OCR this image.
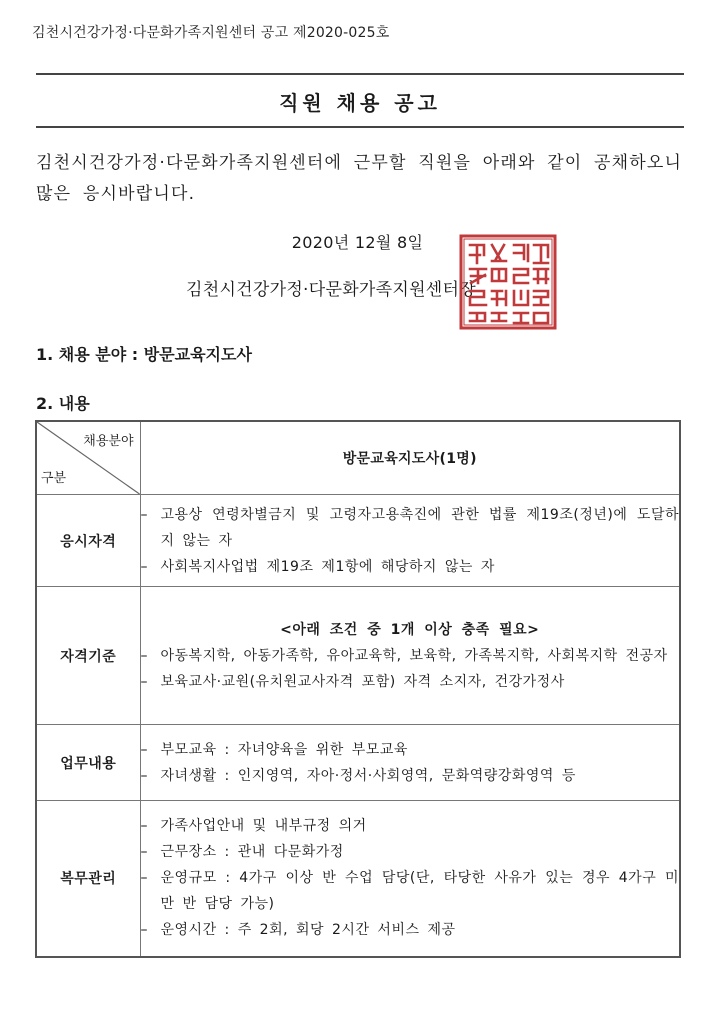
김천시건강가정·다문화가족지원센터 공고 제2020-025호
직원 채용 공고
김천시건강가정·다문화가족지원센터에 근무할 직원을 아래와 같이 공채하오니 많은 응시바랍니다.
2020년 12월 8일
김천시건강가정·다문화가족지원센터장
1. 채용 분야 : 방문교육지도사
2. 내용
채용분야
구분	방문교육지도사(1명)
응시자격	– 고용상 연령차별금지 및 고령자고용촉진에 관한 법률 제19조(정년)에 도달하지 않는 자
– 사회복지사업법 제19조 제1항에 해당하지 않는 자

자격기준	<아래 조건 중 1개 이상 충족 필요>
– 아동복지학, 아동가족학, 유아교육학, 보육학, 가족복지학, 사회복지학 전공자
– 보육교사·교원(유치원교사자격 포함) 자격 소지자, 건강가정사

업무내용	– 부모교육 : 자녀양육을 위한 부모교육
– 자녀생활 : 인지영역, 자아·정서·사회영역, 문화역량강화영역 등

복무관리	– 가족사업안내 및 내부규정 의거
– 근무장소 : 관내 다문화가정
– 운영규모 : 4가구 이상 반 수업 담당(단, 타당한 사유가 있는 경우 4가구 미만 반 담당 가능)
– 운영시간 : 주 2회, 회당 2시간 서비스 제공
